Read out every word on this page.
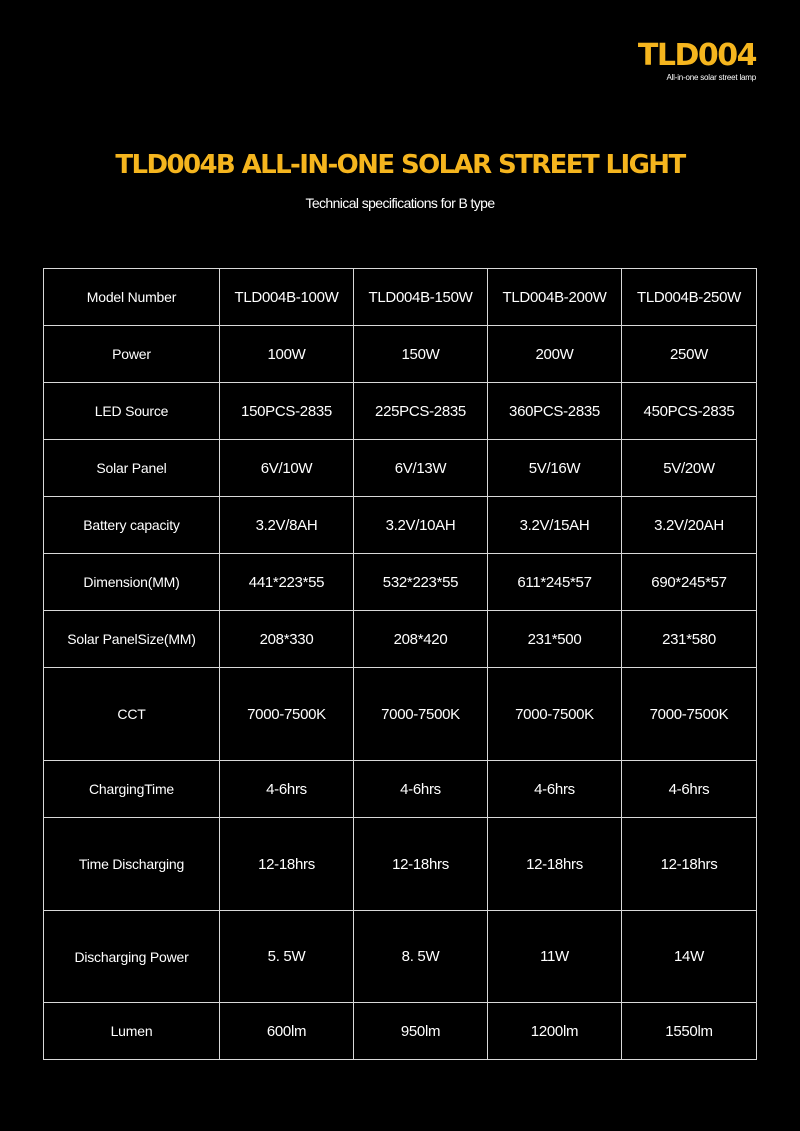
TLD004
All-in-one solar street lamp
TLD004B ALL-IN-ONE SOLAR STREET LIGHT

Technical specifications for B type

Model Number	TLD004B-100W	TLD004B-150W	TLD004B-200W	TLD004B-250W
Power	100W	150W	200W	250W
LED Source	150PCS-2835	225PCS-2835	360PCS-2835	450PCS-2835
Solar Panel	6V/10W	6V/13W	5V/16W	5V/20W
Battery capacity	3.2V/8AH	3.2V/10AH	3.2V/15AH	3.2V/20AH
Dimension(MM)	441*223*55	532*223*55	611*245*57	690*245*57
Solar PanelSize(MM)	208*330	208*420	231*500	231*580
CCT	7000-7500K	7000-7500K	7000-7500K	7000-7500K
ChargingTime	4-6hrs	4-6hrs	4-6hrs	4-6hrs
Time Discharging	12-18hrs	12-18hrs	12-18hrs	12-18hrs
Discharging Power	5. 5W	8. 5W	11W	14W
Lumen	600lm	950lm	1200lm	1550lm
